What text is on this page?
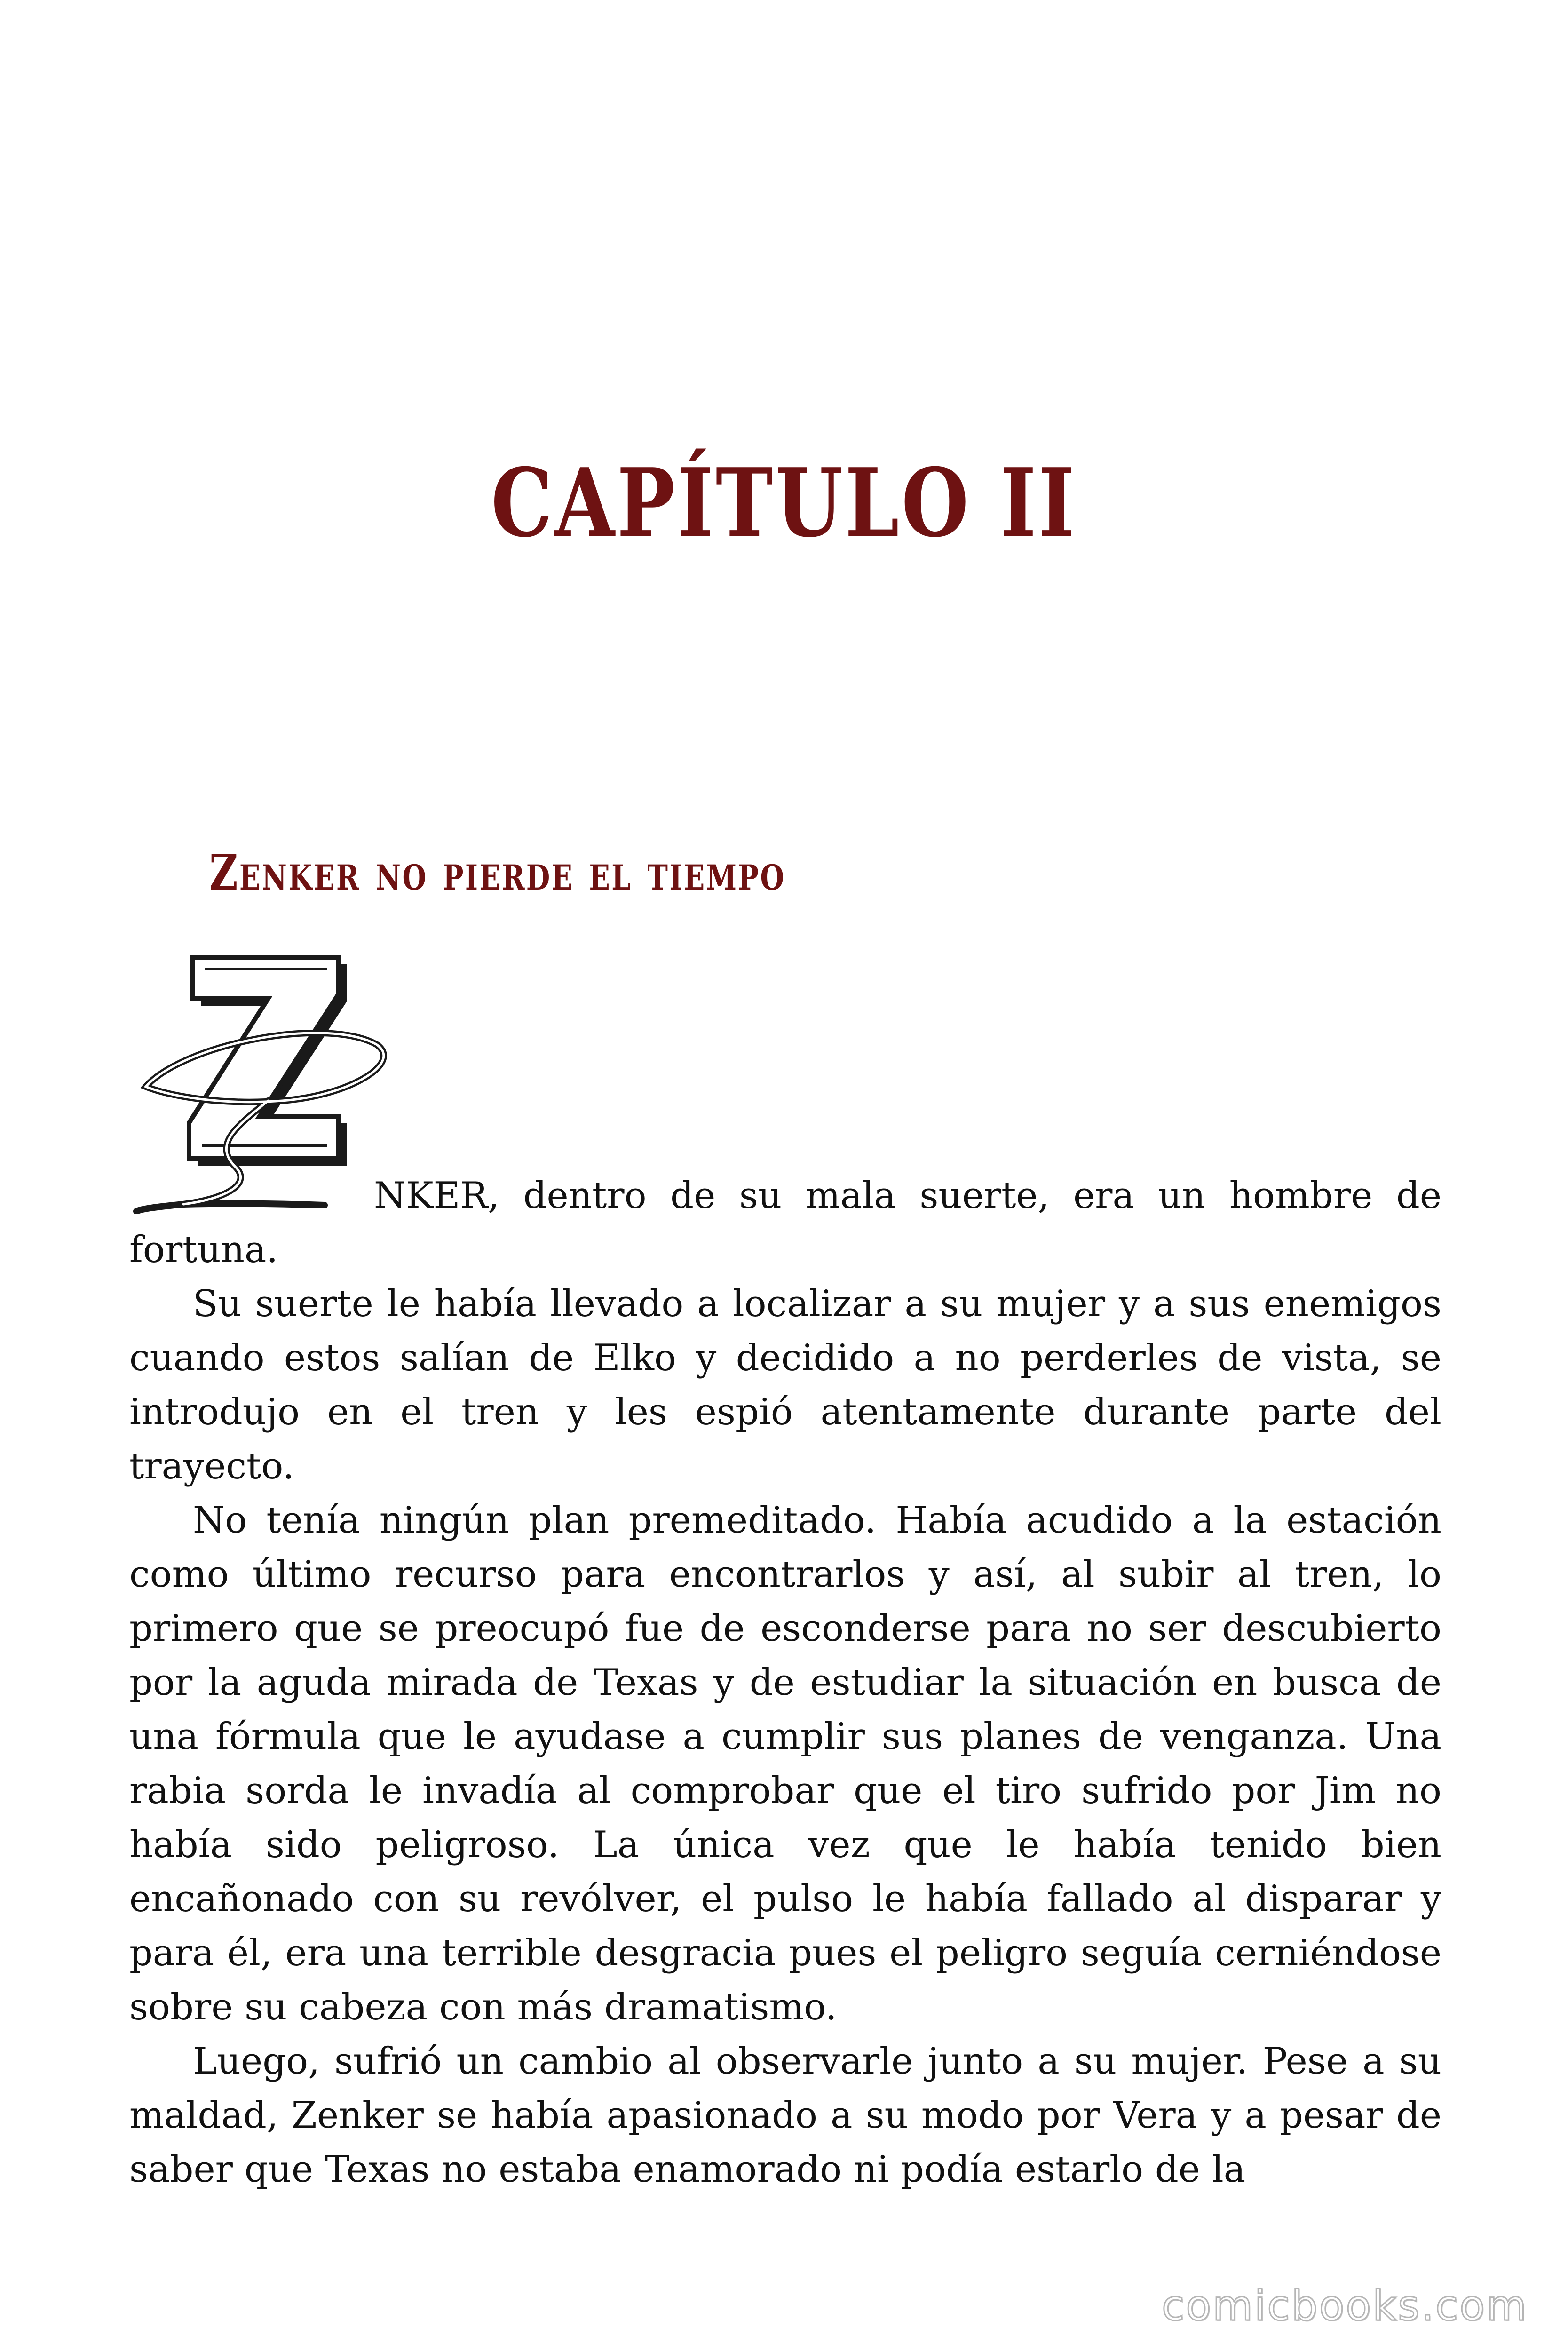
CAPÍTULO II
Zenker no pierde el tiempo

NKER, dentro de su mala suerte, era un hombre de fortuna.

Su suerte le había llevado a localizar a su mujer y a sus enemigos cuando estos salían de Elko y decidido a no perderles de vista, se introdujo en el tren y les espió atentamente durante parte del trayecto.

No tenía ningún plan premeditado. Había acudido a la estación como último recurso para encontrarlos y así, al subir al tren, lo primero que se preocupó fue de esconderse para no ser descubierto por la aguda mirada de Texas y de estudiar la situación en busca de una fórmula que le ayudase a cumplir sus planes de venganza. Una rabia sorda le invadía al comprobar que el tiro sufrido por Jim no había sido peligroso. La única vez que le había tenido bien encañonado con su revólver, el pulso le había fallado al disparar y para él, era una terrible desgracia pues el peligro seguía cerniéndose sobre su cabeza con más dramatismo.

Luego, sufrió un cambio al observarle junto a su mujer. Pese a su maldad, Zenker se había apasionado a su modo por Vera y a pesar de saber que Texas no estaba enamorado ni podía estarlo de la

comicbooks.com
